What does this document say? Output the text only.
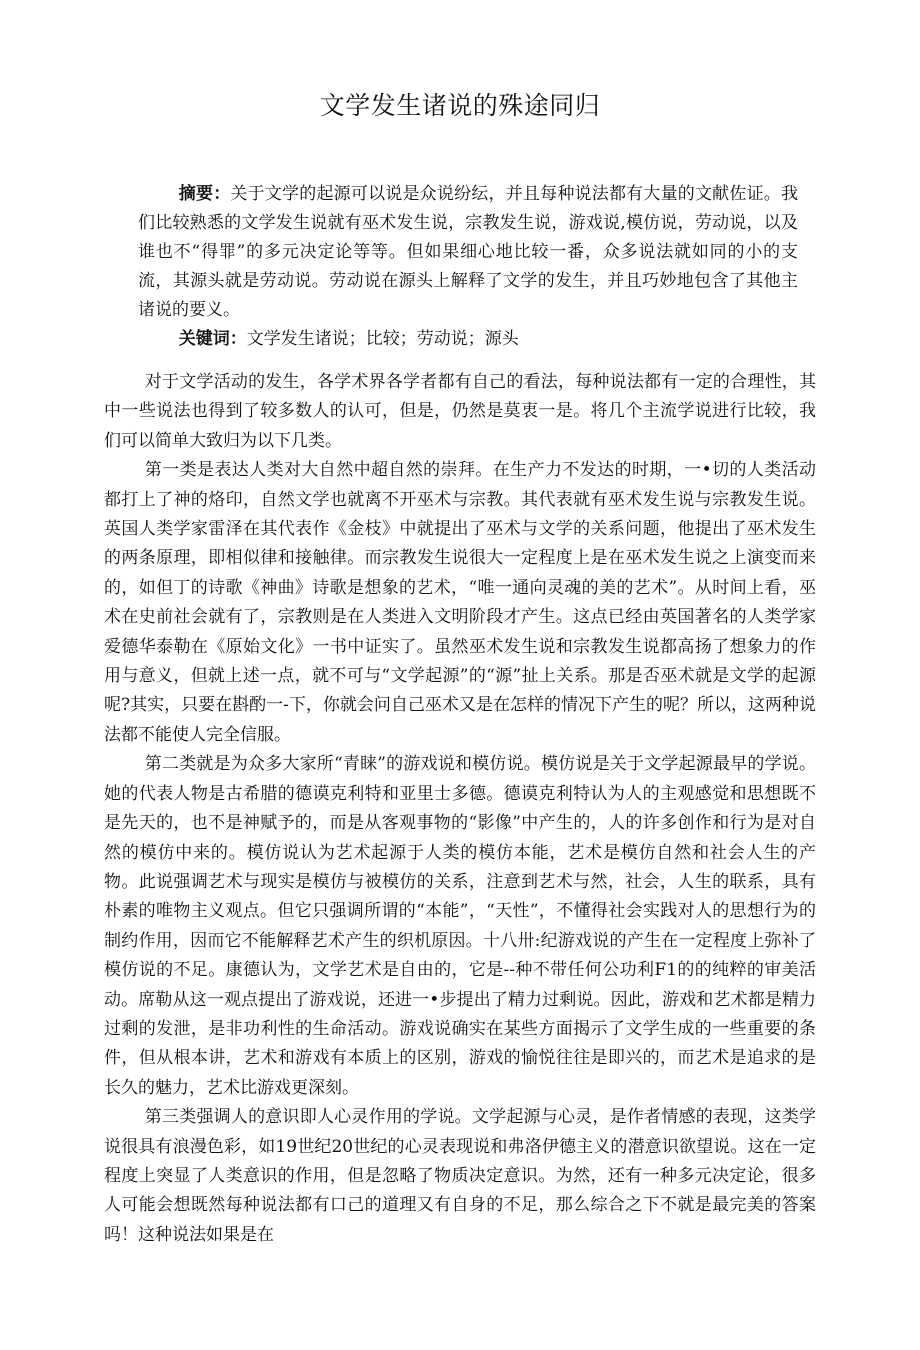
文学发生诸说的殊途同归

摘要：关于文学的起源可以说是众说纷纭，并且每种说法都有大量的文献佐证。我们比较熟悉的文学发生说就有巫术发生说，宗教发生说，游戏说,模仿说，劳动说，以及谁也不“得罪”的多元决定论等等。但如果细心地比较一番，众多说法就如同的小的支流，其源头就是劳动说。劳动说在源头上解释了文学的发生，并且巧妙地包含了其他主诸说的要义。

关键词：文学发生诸说；比较；劳动说；源头

对于文学活动的发生，各学术界各学者都有自己的看法，每种说法都有一定的合理性，其中一些说法也得到了较多数人的认可，但是，仍然是莫衷一是。将几个主流学说进行比较，我们可以简单大致归为以下几类。

第一类是表达人类对大自然中超自然的崇拜。在生产力不发达的时期，一•切的人类活动都打上了神的烙印，自然文学也就离不开巫术与宗教。其代表就有巫术发生说与宗教发生说。英国人类学家雷泽在其代表作《金枝》中就提出了巫术与文学的关系问题，他提出了巫术发生的两条原理，即相似律和接触律。而宗教发生说很大一定程度上是在巫术发生说之上演变而来的，如但丁的诗歌《神曲》诗歌是想象的艺术，“唯一通向灵魂的美的艺术”。从时间上看，巫术在史前社会就有了，宗教则是在人类进入文明阶段才产生。这点已经由英国著名的人类学家爱德华泰勒在《原始文化》一书中证实了。虽然巫术发生说和宗教发生说都高扬了想象力的作用与意义，但就上述一点，就不可与“文学起源”的“源”扯上关系。那是否巫术就是文学的起源呢?其实，只要在斟酌一-下，你就会问自己巫术又是在怎样的情况下产生的呢？所以，这两种说法都不能使人完全信服。

第二类就是为众多大家所“青睐”的游戏说和模仿说。模仿说是关于文学起源最早的学说。她的代表人物是古希腊的德谟克利特和亚里士多德。德谟克利特认为人的主观感觉和思想既不是先天的，也不是神赋予的，而是从客观事物的“影像”中产生的，人的许多创作和行为是对自然的模仿中来的。模仿说认为艺术起源于人类的模仿本能，艺术是模仿自然和社会人生的产物。此说强调艺术与现实是模仿与被模仿的关系，注意到艺术与然，社会，人生的联系，具有朴素的唯物主义观点。但它只强调所谓的“本能”，“天性”，不懂得社会实践对人的思想行为的制约作用，因而它不能解释艺术产生的织机原因。十八卅:纪游戏说的产生在一定程度上弥补了模仿说的不足。康德认为，文学艺术是自由的，它是--种不带任何公功利F1的的纯粹的审美活动。席勒从这一观点提出了游戏说，还进一•步提出了精力过剩说。因此，游戏和艺术都是精力过剩的发泄，是非功利性的生命活动。游戏说确实在某些方面揭示了文学生成的一些重要的条件，但从根本讲，艺术和游戏有本质上的区别，游戏的愉悦往往是即兴的，而艺术是追求的是长久的魅力，艺术比游戏更深刻。

第三类强调人的意识即人心灵作用的学说。文学起源与心灵，是作者情感的表现，这类学说很具有浪漫色彩，如19世纪20世纪的心灵表现说和弗洛伊德主义的潜意识欲望说。这在一定程度上突显了人类意识的作用，但是忽略了物质决定意识。为然，还有一种多元决定论，很多人可能会想既然每种说法都有口己的道理又有自身的不足，那么综合之下不就是最完美的答案吗！这种说法如果是在
